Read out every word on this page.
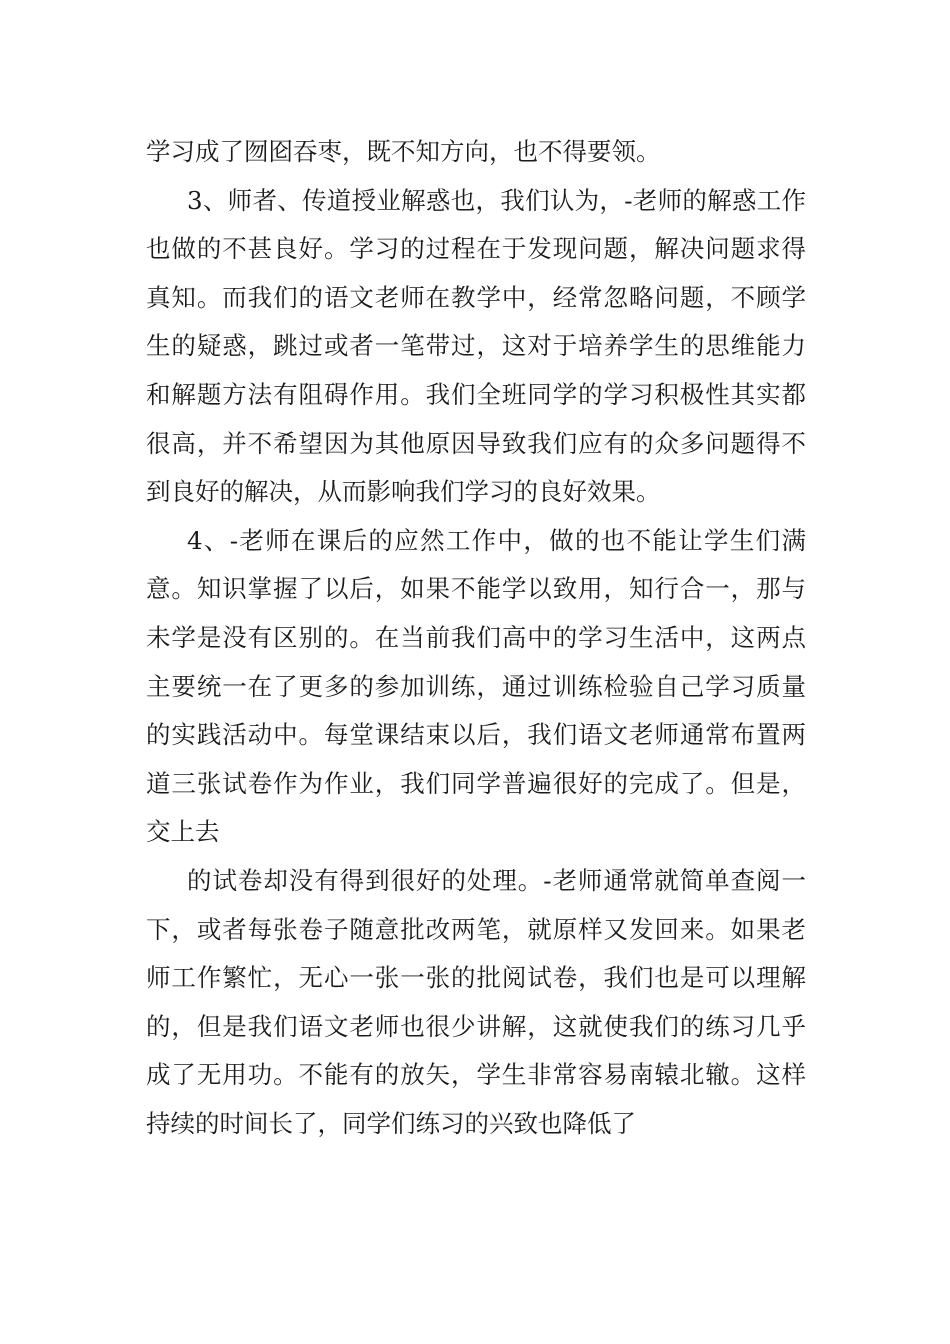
学习成了囫囵吞枣，既不知方向，也不得要领。

3、师者、传道授业解惑也，我们认为，-老师的解惑工作也做的不甚良好。学习的过程在于发现问题，解决问题求得真知。而我们的语文老师在教学中，经常忽略问题，不顾学生的疑惑，跳过或者一笔带过，这对于培养学生的思维能力和解题方法有阻碍作用。我们全班同学的学习积极性其实都很高，并不希望因为其他原因导致我们应有的众多问题得不到良好的解决，从而影响我们学习的良好效果。

4、-老师在课后的应然工作中，做的也不能让学生们满意。知识掌握了以后，如果不能学以致用，知行合一，那与未学是没有区别的。在当前我们高中的学习生活中，这两点主要统一在了更多的参加训练，通过训练检验自己学习质量的实践活动中。每堂课结束以后，我们语文老师通常布置两道三张试卷作为作业，我们同学普遍很好的完成了。但是，交上去

的试卷却没有得到很好的处理。-老师通常就简单查阅一下，或者每张卷子随意批改两笔，就原样又发回来。如果老师工作繁忙，无心一张一张的批阅试卷，我们也是可以理解的，但是我们语文老师也很少讲解，这就使我们的练习几乎成了无用功。不能有的放矢，学生非常容易南辕北辙。这样持续的时间长了，同学们练习的兴致也降低了
